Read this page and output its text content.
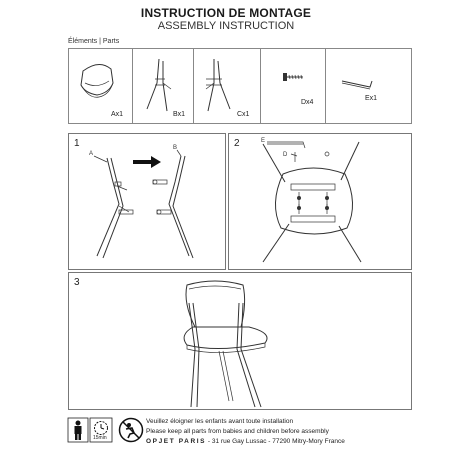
INSTRUCTION DE MONTAGE
ASSEMBLY INSTRUCTION
Éléments | Parts
Ax1	Bx1	Cx1
Dx4
Ex1
1
A
B	2	E
D
3
15min
Veuillez éloigner les enfants avant toute installation
Please keep all parts from babies and children before assembly
OPJET PARIS - 31 rue Gay Lussac - 77290 Mitry-Mory France
